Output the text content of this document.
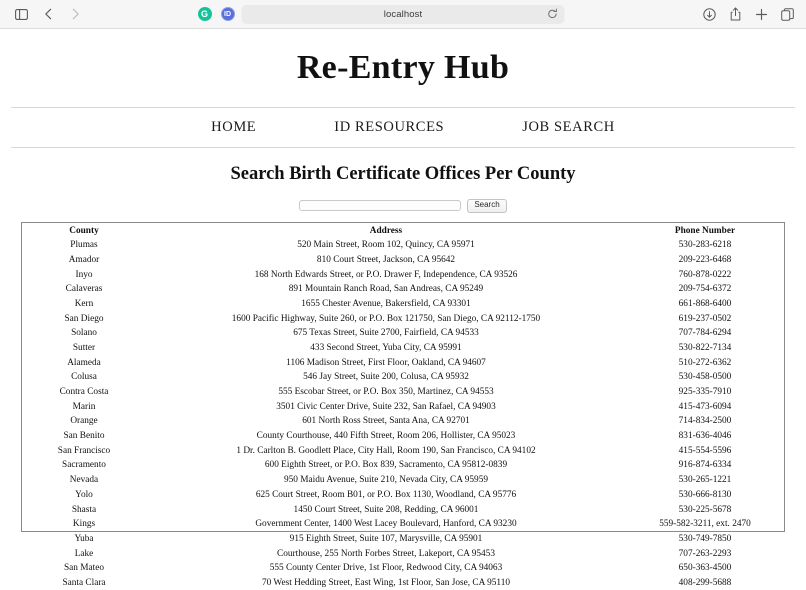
G	ID	localhost
Re-Entry Hub
HOME	ID RESOURCES	JOB SEARCH
Search Birth Certificate Offices Per County
Search
County	Address	Phone Number
Plumas	520 Main Street, Room 102, Quincy, CA 95971	530-283-6218
Amador	810 Court Street, Jackson, CA 95642	209-223-6468
Inyo	168 North Edwards Street, or P.O. Drawer F, Independence, CA 93526	760-878-0222
Calaveras	891 Mountain Ranch Road, San Andreas, CA 95249	209-754-6372
Kern	1655 Chester Avenue, Bakersfield, CA 93301	661-868-6400
San Diego	1600 Pacific Highway, Suite 260, or P.O. Box 121750, San Diego, CA 92112-1750	619-237-0502
Solano	675 Texas Street, Suite 2700, Fairfield, CA 94533	707-784-6294
Sutter	433 Second Street, Yuba City, CA 95991	530-822-7134
Alameda	1106 Madison Street, First Floor, Oakland, CA 94607	510-272-6362
Colusa	546 Jay Street, Suite 200, Colusa, CA 95932	530-458-0500
Contra Costa	555 Escobar Street, or P.O. Box 350, Martinez, CA 94553	925-335-7910
Marin	3501 Civic Center Drive, Suite 232, San Rafael, CA 94903	415-473-6094
Orange	601 North Ross Street, Santa Ana, CA 92701	714-834-2500
San Benito	County Courthouse, 440 Fifth Street, Room 206, Hollister, CA 95023	831-636-4046
San Francisco	1 Dr. Carlton B. Goodlett Place, City Hall, Room 190, San Francisco, CA 94102	415-554-5596
Sacramento	600 Eighth Street, or P.O. Box 839, Sacramento, CA 95812-0839	916-874-6334
Nevada	950 Maidu Avenue, Suite 210, Nevada City, CA 95959	530-265-1221
Yolo	625 Court Street, Room B01, or P.O. Box 1130, Woodland, CA 95776	530-666-8130
Shasta	1450 Court Street, Suite 208, Redding, CA 96001	530-225-5678
Kings	Government Center, 1400 West Lacey Boulevard, Hanford, CA 93230	559-582-3211, ext. 2470
Yuba	915 Eighth Street, Suite 107, Marysville, CA 95901	530-749-7850
Lake	Courthouse, 255 North Forbes Street, Lakeport, CA 95453	707-263-2293
San Mateo	555 County Center Drive, 1st Floor, Redwood City, CA 94063	650-363-4500
Santa Clara	70 West Hedding Street, East Wing, 1st Floor, San Jose, CA 95110	408-299-5688
